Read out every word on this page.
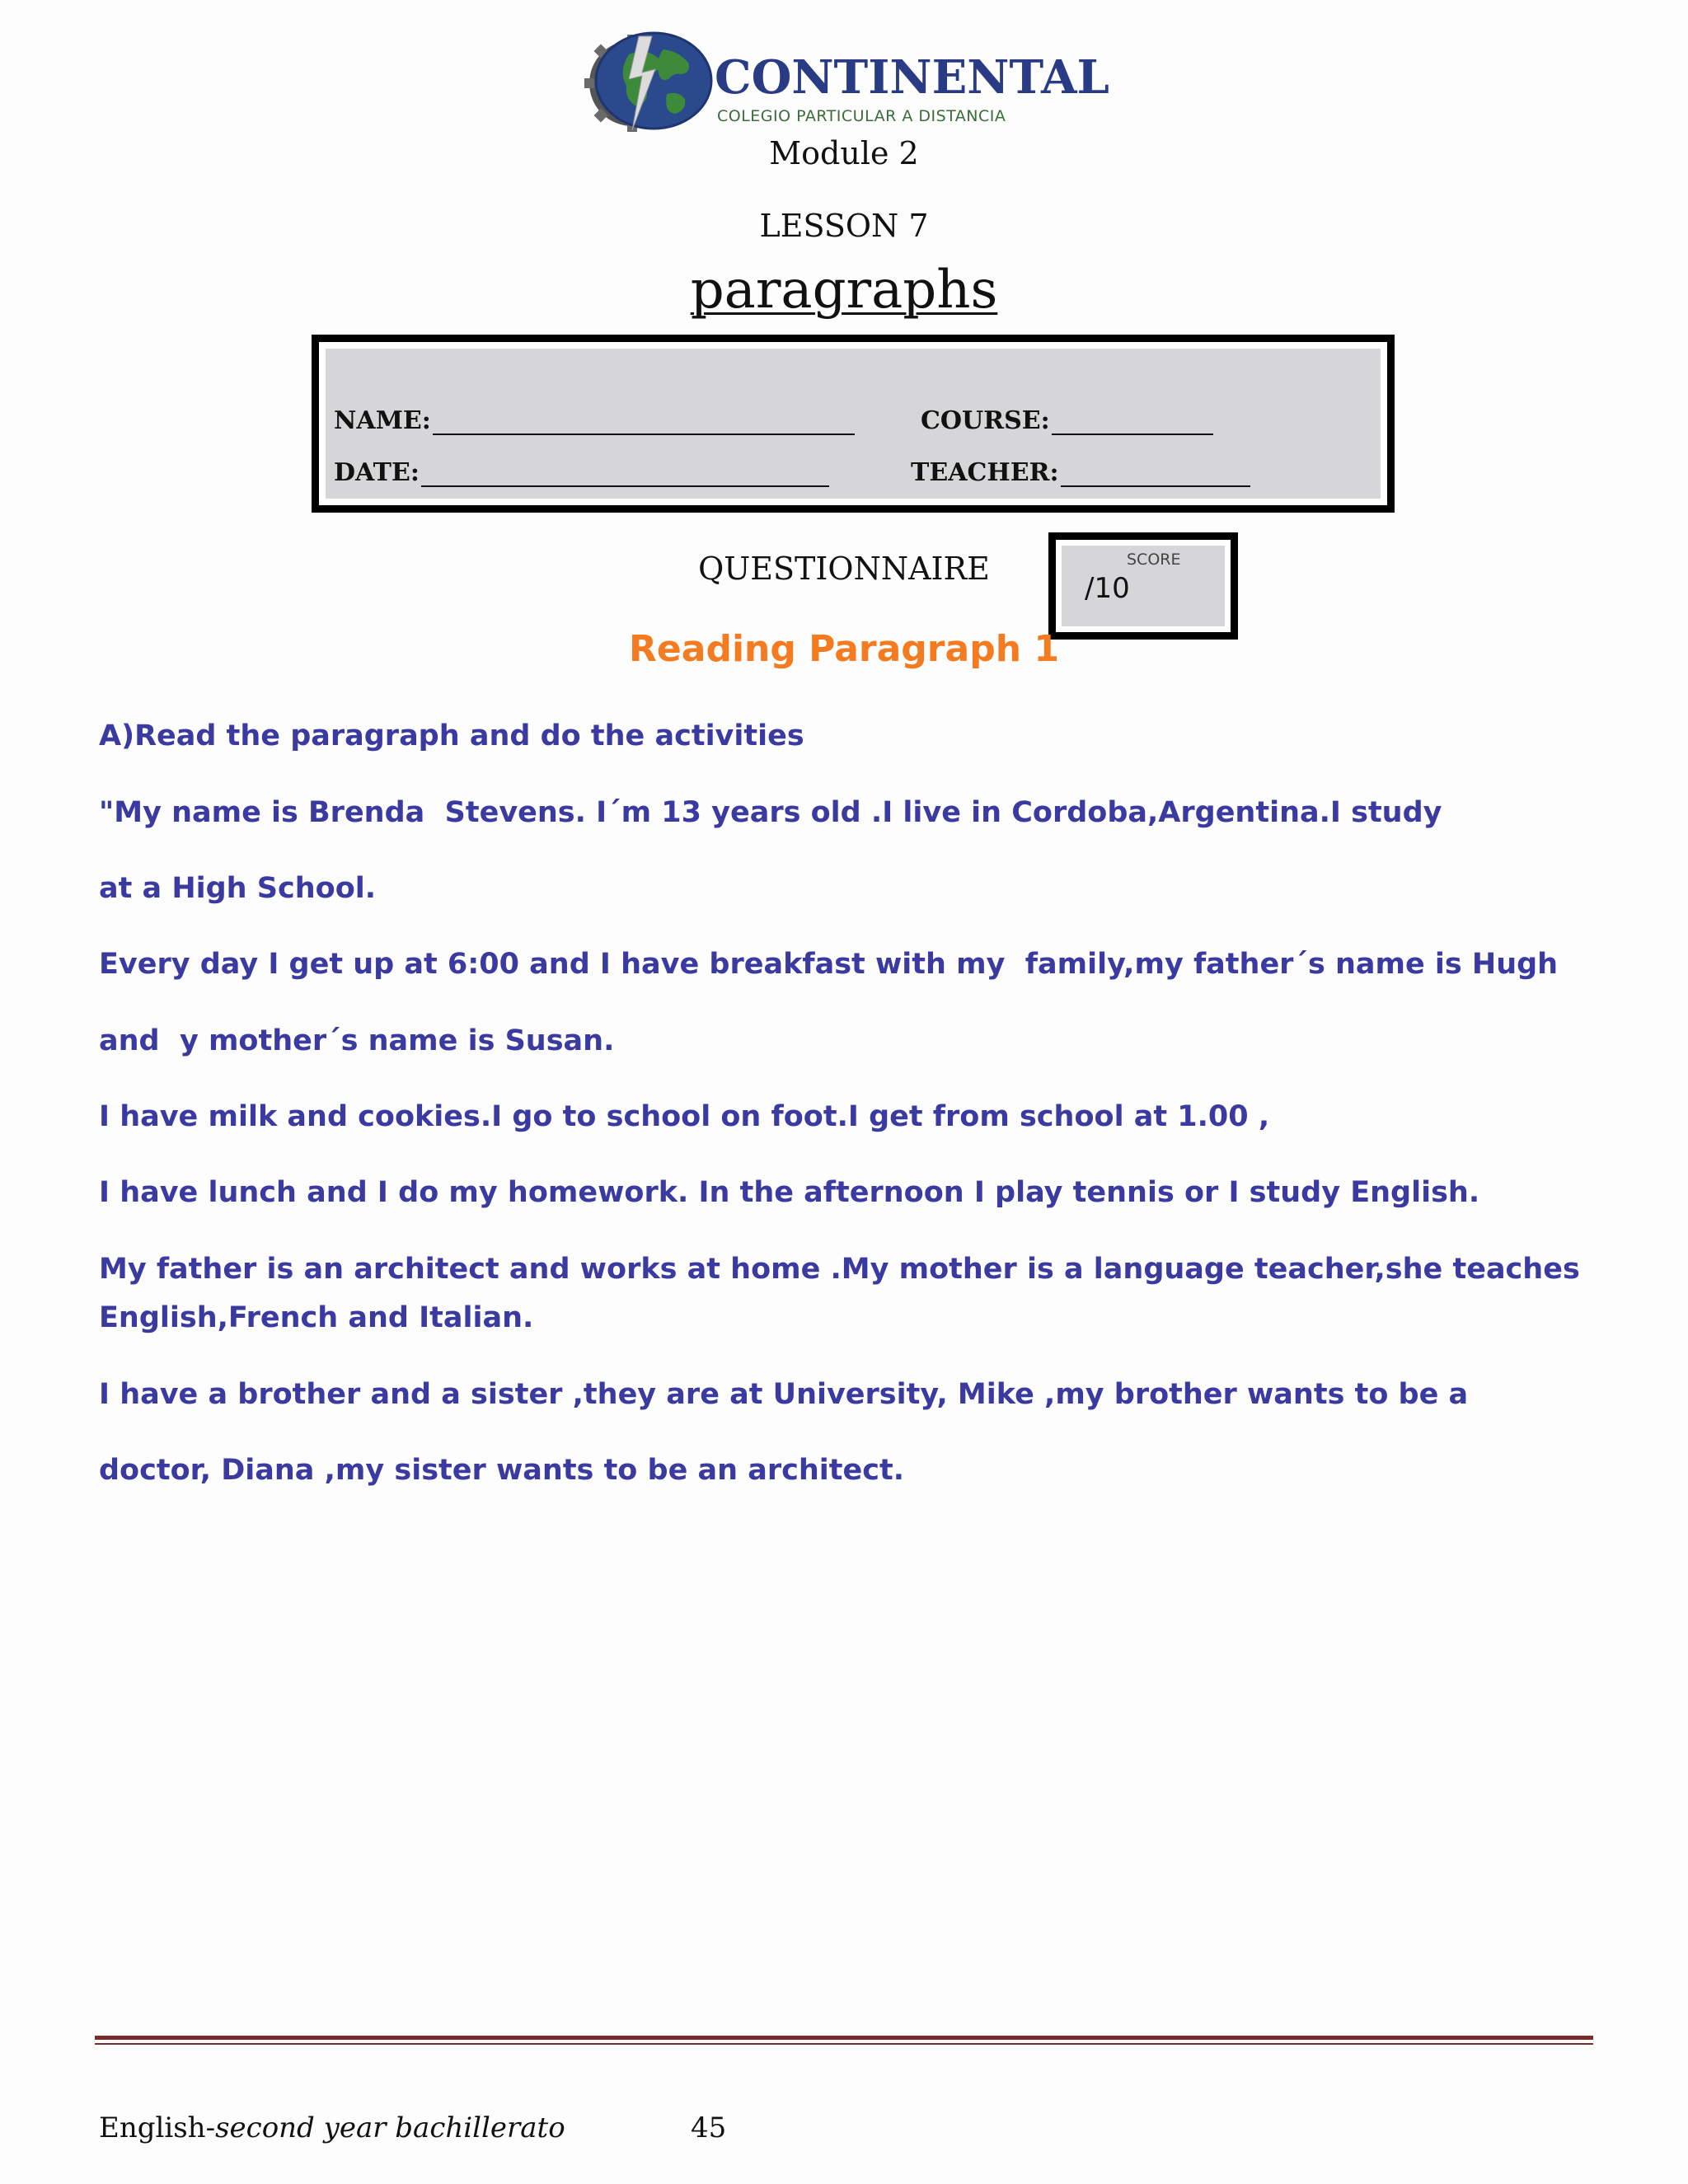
CONTINENTAL
COLEGIO PARTICULAR A DISTANCIA
Module 2
LESSON 7
paragraphs
NAME:	COURSE:
DATE:	TEACHER:
QUESTIONNAIRE	SCORE
/10
Reading Paragraph 1
A)Read the paragraph and do the activities
"My name is Brenda  Stevens. I´m 13 years old .I live in Cordoba,Argentina.I study
at a High School.
Every day I get up at 6:00 and I have breakfast with my  family,my father´s name is Hugh
and  y mother´s name is Susan.
I have milk and cookies.I go to school on foot.I get from school at 1.00 ,
I have lunch and I do my homework. In the afternoon I play tennis or I study English.
My father is an architect and works at home .My mother is a language teacher,she teaches
English,French and Italian.
I have a brother and a sister ,they are at University, Mike ,my brother wants to be a
doctor, Diana ,my sister wants to be an architect.
English-second year bachillerato	45
